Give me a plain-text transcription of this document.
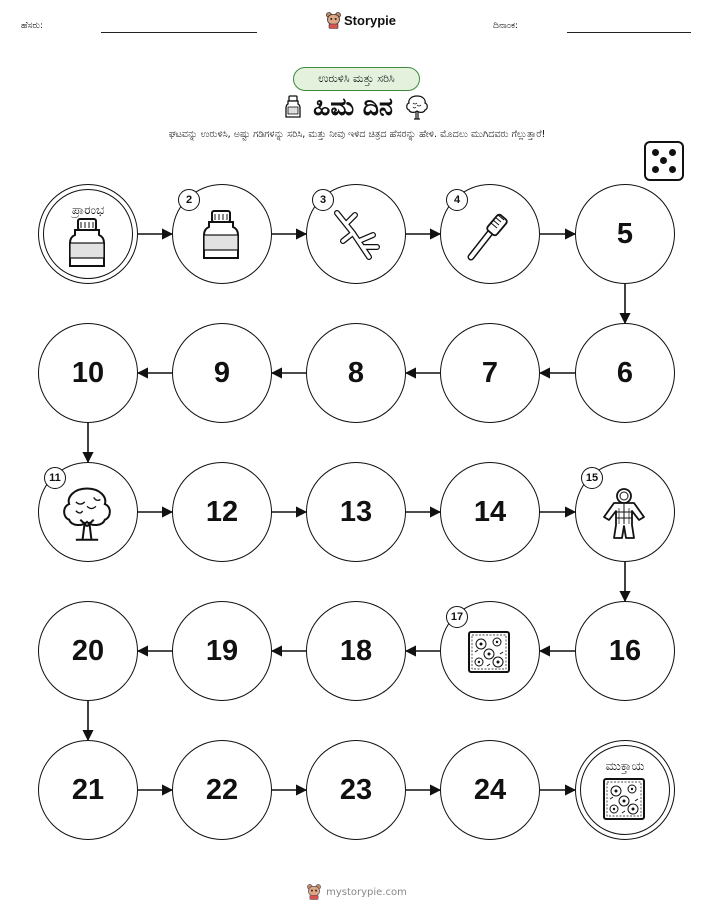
ಹೆಸರು:	ದಿನಾಂಕ:
Storypie
ಉರುಳಿಸಿ ಮತ್ತು ಸರಿಸಿ
ಹಿಮ ದಿನ
ಘಟವನ್ನು ಉರುಳಿಸಿ, ಅಷ್ಟು ಗಡಿಗಳನ್ನು ಸರಿಸಿ, ಮತ್ತು ನೀವು ಇಳಿದ ಚಿತ್ರದ ಹೆಸರನ್ನು ಹೇಳಿ. ಮೊದಲು ಮುಗಿದವರು ಗೆಲ್ಲುತ್ತಾರೆ!
ಪ್ರಾರಂಭ
2	3	4
5
6
7
8
9
10
11
12	13	14
15
16
17
18
19
20
21	22	23	24
ಮುಕ್ತಾಯ
mystorypie.com
